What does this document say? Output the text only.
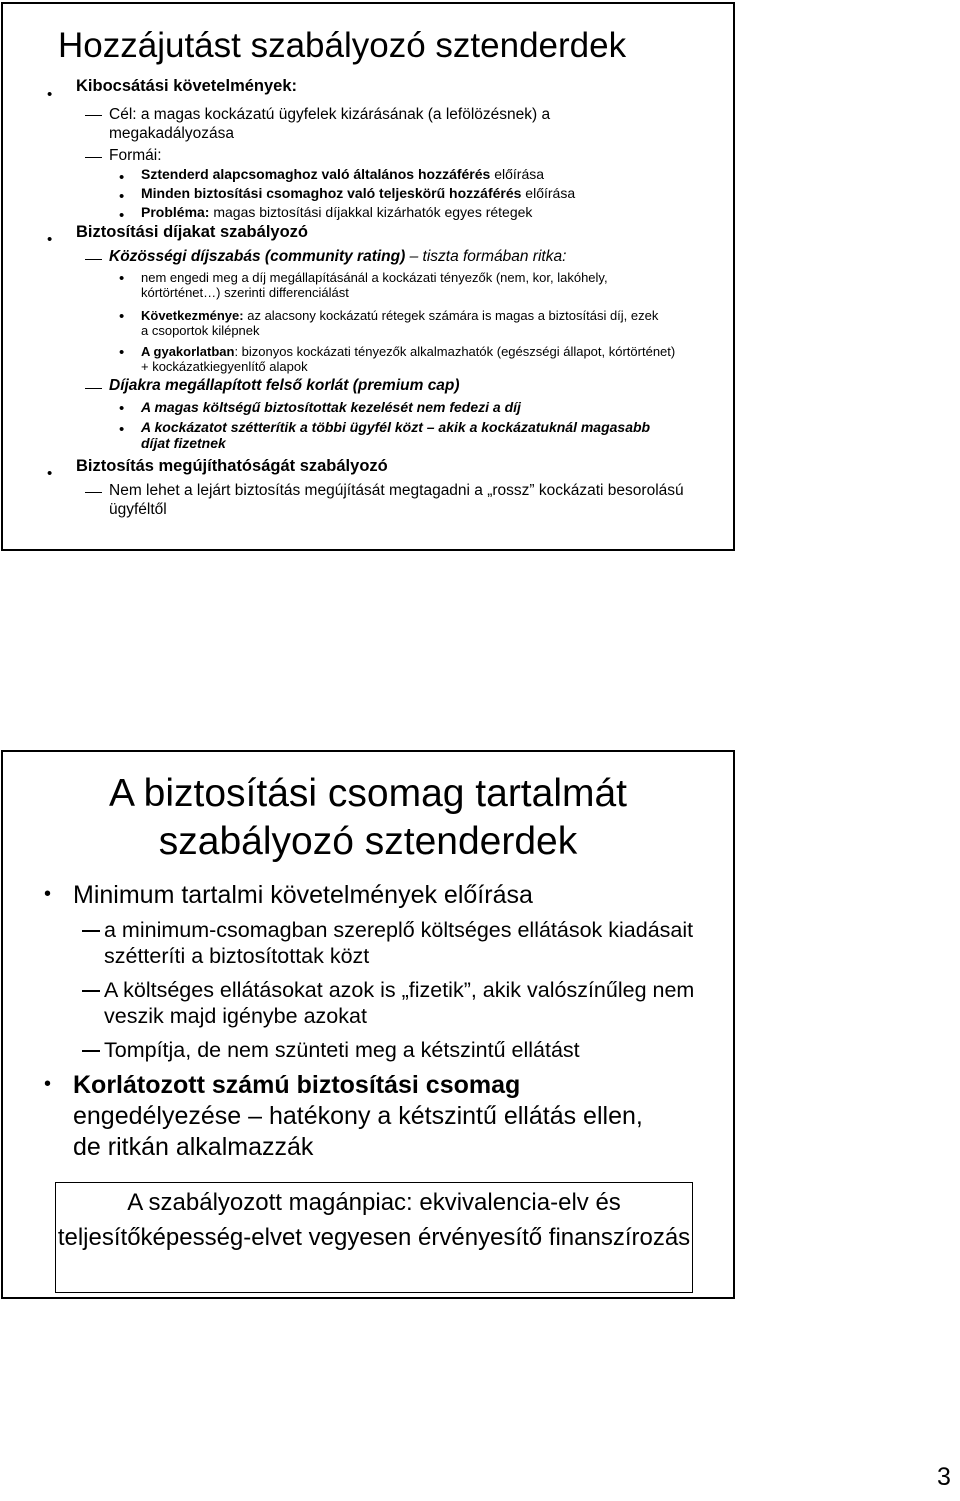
Hozzájutást szabályozó sztenderdek
• Kibocsátási követelmények:
Cél: a magas kockázatú ügyfelek kizárásának (a lefölözésnek) a megakadályozása
Formái:
• Sztenderd alapcsomaghoz való általános hozzáférés előírása
• Minden biztosítási csomaghoz való teljeskörű hozzáférés előírása
• Probléma: magas biztosítási díjakkal kizárhatók egyes rétegek
• Biztosítási díjakat szabályozó
Közösségi díjszabás (community rating) – tiszta formában ritka:
• nem engedi meg a díj megállapításánál a kockázati tényezők (nem, kor, lakóhely, kórtörténet…) szerinti differenciálást
• Következménye: az alacsony kockázatú rétegek számára is magas a biztosítási díj, ezek a csoportok kilépnek
• A gyakorlatban: bizonyos kockázati tényezők alkalmazhatók (egészségi állapot, kórtörténet) + kockázatkiegyenlítő alapok
Díjakra megállapított felső korlát (premium cap)
• A magas költségű biztosítottak kezelését nem fedezi a díj
• A kockázatot szétterítik a többi ügyfél közt – akik a kockázatuknál magasabb díjat fizetnek
• Biztosítás megújíthatóságát szabályozó
Nem lehet a lejárt biztosítás megújítását megtagadni a „rossz” kockázati besorolású ügyféltől
A biztosítási csomag tartalmát
szabályozó sztenderdek
• Minimum tartalmi követelmények előírása
a minimum-csomagban szereplő költséges ellátások kiadásait szétteríti a biztosítottak közt
A költséges ellátásokat azok is „fizetik”, akik valószínűleg nem veszik majd igénybe azokat
Tompítja, de nem szünteti meg a kétszintű ellátást
• Korlátozott számú biztosítási csomag engedélyezése – hatékony a kétszintű ellátás ellen, de ritkán alkalmazzák
A szabályozott magánpiac: ekvivalencia-elv és teljesítőképesség-elvet vegyesen érvényesítő finanszírozás
3
